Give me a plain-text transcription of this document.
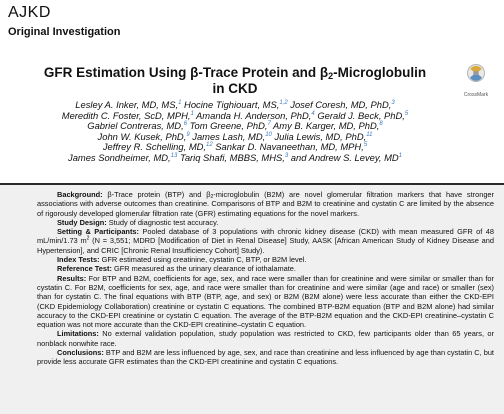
AJKD
Original Investigation
CrossMark
GFR Estimation Using β-Trace Protein and $\beta_2$-Microglobulin
in CKD
Lesley A. Inker, MD, MS,$^1$ Hocine Tighiouart, MS,$^{1,2}$ Josef Coresh, MD, PhD,$^3$
Meredith C. Foster, ScD, MPH,$^1$ Amanda H. Anderson, PhD,$^4$ Gerald J. Beck, PhD,$^5$
Gabriel Contreras, MD,$^6$ Tom Greene, PhD,$^7$ Amy B. Karger, MD, PhD,$^8$
John W. Kusek, PhD,$^9$ James Lash, MD,$^{10}$ Julia Lewis, MD, PhD,$^{11}$
Jeffrey R. Schelling, MD,$^{12}$ Sankar D. Navaneethan, MD, MPH,$^5$
James Sondheimer, MD,$^{13}$ Tariq Shafi, MBBS, MHS,$^3$ and Andrew S. Levey, $MD^1$

Background: β-Trace protein (BTP) and $\beta_2$-microglobulin (B2M) are novel glomerular filtration markers that have stronger associations with adverse outcomes than creatinine. Comparisons of BTP and B2M to creatinine and cystatin C are limited by the absence of rigorously developed glomerular filtration rate (GFR) estimating equations for the novel markers.

Study Design: Study of diagnostic test accuracy.

Setting & Participants: Pooled database of 3 populations with chronic kidney disease (CKD) with mean measured GFR of 48 mL/min/1.73 $m^2$ (N = 3,551; MDRD [Modification of Diet in Renal Disease] Study, AASK [African American Study of Kidney Disease and Hypertension], and CRIC [Chronic Renal Insufficiency Cohort] Study).

Index Tests: GFR estimated using creatinine, cystatin C, BTP, or B2M level.

Reference Test: GFR measured as the urinary clearance of iothalamate.

Results: For BTP and B2M, coefficients for age, sex, and race were smaller than for creatinine and were similar or smaller than for cystatin C. For B2M, coefficients for sex, age, and race were smaller than for creatinine and were similar (age and race) or smaller (sex) than for cystatin C. The final equations with BTP (BTP, age, and sex) or B2M (B2M alone) were less accurate than either the CKD-EPI (CKD Epidemiology Collaboration) creatinine or cystatin C equations. The combined BTP-B2M equation (BTP and B2M alone) had similar accuracy to the CKD-EPI creatinine or cystatin C equation. The average of the BTP-B2M equation and the CKD-EPI creatinine–cystatin C equation was not more accurate than the CKD-EPI creatinine–cystatin C equation.

Limitations: No external validation population, study population was restricted to CKD, few participants older than 65 years, or nonblack nonwhite race.

Conclusions: BTP and B2M are less influenced by age, sex, and race than creatinine and less influenced by age than cystatin C, but provide less accurate GFR estimates than the CKD-EPI creatinine and cystatin C equations.
